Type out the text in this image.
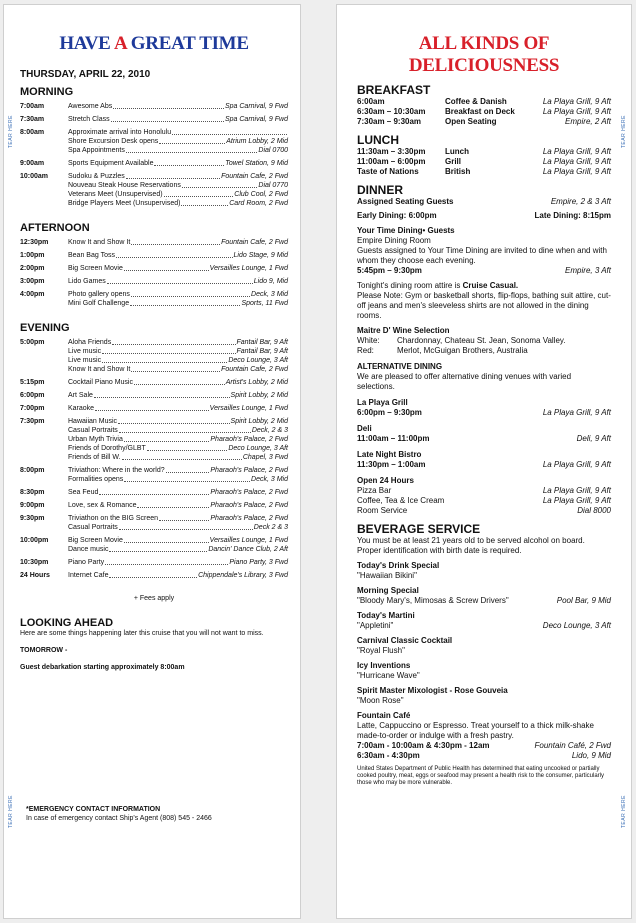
TEAR HERE
TEAR HERE
HAVE A GREAT TIME
THURSDAY, APRIL 22, 2010
MORNING
7:00am	Awesome Abs	Spa Carnival, 9 Fwd
7:30am	Stretch Class	Spa Carnival, 9 Fwd
8:00am	Approximate arrival into Honolulu
Shore Excursion Desk opens	Atrium Lobby, 2 Mid
Spa Appointments	Dial 0700
9:00am	Sports Equipment Available	Towel Station, 9 Mid
10:00am	Sudoku & Puzzles	Fountain Cafe, 2 Fwd
Nouveau Steak House Reservations	Dial 0770
Veterans Meet (Unsupervised)	Club Cool, 2 Fwd
Bridge Players Meet (Unsupervised)	Card Room, 2 Fwd
AFTERNOON
12:30pm	Know It and Show It	Fountain Cafe, 2 Fwd
1:00pm	Bean Bag Toss	Lido Stage, 9 Mid
2:00pm	Big Screen Movie	Versailles Lounge, 1 Fwd
3:00pm	Lido Games	Lido 9, Mid
4:00pm	Photo gallery opens	Deck, 3 Mid
Mini Golf Challenge	Sports, 11 Fwd
EVENING
5:00pm	Aloha Friends	Fantail Bar, 9 Aft
Live music	Fantail Bar, 9 Aft
Live music	Deco Lounge, 3 Aft
Know It and Show It	Fountain Cafe, 2 Fwd
5:15pm	Cocktail Piano Music	Artist's Lobby, 2 Mid
6:00pm	Art Sale	Spirit Lobby, 2 Mid
7:00pm	Karaoke	Versailles Lounge, 1 Fwd
7:30pm	Hawaiian Music	Spirit Lobby, 2 Mid
Casual Portraits	Deck, 2 & 3
Urban Myth Trivia	Pharaoh's Palace, 2 Fwd
Friends of Dorothy/GLBT	Deco Lounge, 3 Aft
Friends of Bill W.	Chapel, 3 Fwd
8:00pm	Triviathon: Where in the world?	Pharaoh's Palace, 2 Fwd
Formalities opens	Deck, 3 Mid
8:30pm	Sea Feud	Pharaoh's Palace, 2 Fwd
9:00pm	Love, sex & Romance	Pharaoh's Palace, 2 Fwd
9:30pm	Triviathon on the BIG Screen	Pharaoh's Palace, 2 Fwd
Casual Portraits	Deck 2 & 3
10:00pm	Big Screen Movie	Versailles Lounge, 1 Fwd
Dance music	Dancin' Dance Club, 2 Aft
10:30pm	Piano Party	Piano Party, 3 Fwd
24 Hours	Internet Cafe	Chippendale's Library, 3 Fwd
+ Fees apply
LOOKING AHEAD
Here are some things happening later this cruise that you will not want to miss.
TOMORROW -
Guest debarkation starting approximately 8:00am
*EMERGENCY CONTACT INFORMATION
In case of emergency contact Ship's Agent (808) 545 - 2466
TEAR HERE
TEAR HERE
ALL KINDS OF
DELICIOUSNESS
BREAKFAST
6:00am	Coffee & Danish	La Playa Grill, 9 Aft
6:30am – 10:30am	Breakfast on Deck	La Playa Grill, 9 Aft
7:30am – 9:30am	Open Seating	Empire, 2 Aft
LUNCH
11:30am – 3:30pm	Lunch	La Playa Grill, 9 Aft
11:00am – 6:00pm	Grill	La Playa Grill, 9 Aft
Taste of Nations	British	La Playa Grill, 9 Aft
DINNER
Assigned Seating Guests	Empire, 2 & 3 Aft
Early Dining: 6:00pm	Late Dining: 8:15pm
Your Time Dining• Guests
Empire Dining Room
Guests assigned to Your Time Dining are invited to dine when and with whom they choose each evening.
5:45pm – 9:30pm	Empire, 3 Aft
Tonight's dining room attire is Cruise Casual.
Please Note: Gym or basketball shorts, flip-flops, bathing suit attire, cut-off jeans and men's sleeveless shirts are not allowed in the dining rooms.
Maitre D' Wine Selection
White:	Chardonnay, Chateau St. Jean, Sonoma Valley.
Red:	Merlot, McGuigan Brothers, Australia
ALTERNATIVE DINING
We are pleased to offer alternative dining venues with varied selections.
La Playa Grill
6:00pm – 9:30pm	La Playa Grill, 9 Aft
Deli
11:00am – 11:00pm	Deli, 9 Aft
Late Night Bistro
11:30pm – 1:00am	La Playa Grill, 9 Aft
Open 24 Hours
Pizza Bar	La Playa Grill, 9 Aft
Coffee, Tea & Ice Cream	La Playa Grill, 9 Aft
Room Service	Dial 8000
BEVERAGE SERVICE
You must be at least 21 years old to be served alcohol on board. Proper identification with birth date is required.
Today's Drink Special
"Hawaiian Bikini"
Morning Special
"Bloody Mary's, Mimosas & Screw Drivers"	Pool Bar, 9 Mid
Today's Martini
"Appletini"	Deco Lounge, 3 Aft
Carnival Classic Cocktail
"Royal Flush"
Icy Inventions
"Hurricane Wave"
Spirit Master Mixologist - Rose Gouveia
"Moon Rose"
Fountain Café
Latte, Cappuccino or Espresso. Treat yourself to a thick milk-shake made-to-order or indulge with a fresh pastry.
7:00am - 10:00am & 4:30pm - 12am	Fountain Café, 2 Fwd
6:30am - 4:30pm	Lido, 9 Mid
United States Department of Public Health has determined that eating uncooked or partially cooked poultry, meat, eggs or seafood may present a health risk to the consumer, particularly those who may be more vulnerable.
